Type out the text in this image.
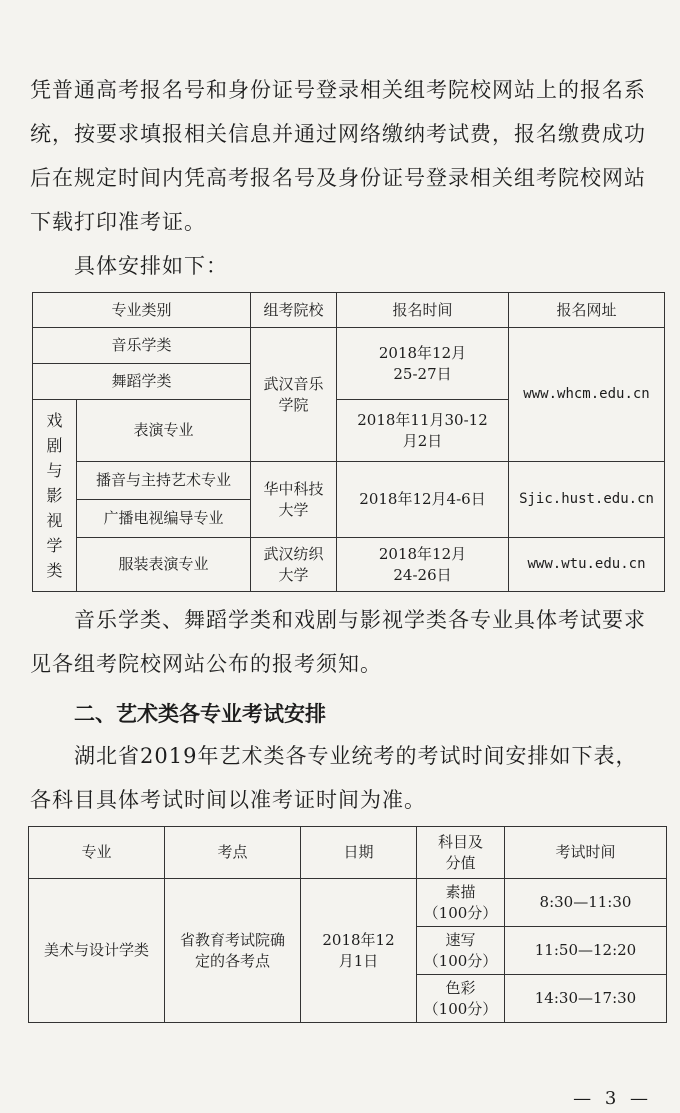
凭普通高考报名号和身份证号登录相关组考院校网站上的报名系统，按要求填报相关信息并通过网络缴纳考试费，报名缴费成功后在规定时间内凭高考报名号及身份证号登录相关组考院校网站下载打印准考证。

具体安排如下：

专业类别		组考院校	报名时间	报名网址
音乐学类		武汉音乐学院	2018年12月25-27日	www.whcm.edu.cn
舞蹈学类				

戏剧与影视学类	表演专业		2018年11月30-12月2日	

	播音与主持艺术专业	华中科技大学	2018年12月4-6日	Sjic.hust.edu.cn
	广播电视编导专业			
	服装表演专业	武汉纺织大学	2018年12月24-26日	www.wtu.edu.cn

音乐学类、舞蹈学类和戏剧与影视学类各专业具体考试要求见各组考院校网站公布的报考须知。

二、艺术类各专业考试安排

湖北省2019年艺术类各专业统考的考试时间安排如下表，各科目具体考试时间以准考证时间为准。

专业	考点	日期	科目及分值	考试时间
美术与设计学类	省教育考试院确定的各考点	2018年12月1日	素描
（100分）	8:30—11:30

			速写
（100分）	11:50—12:20

			色彩
（100分）	14:30—17:30
— 3 —
